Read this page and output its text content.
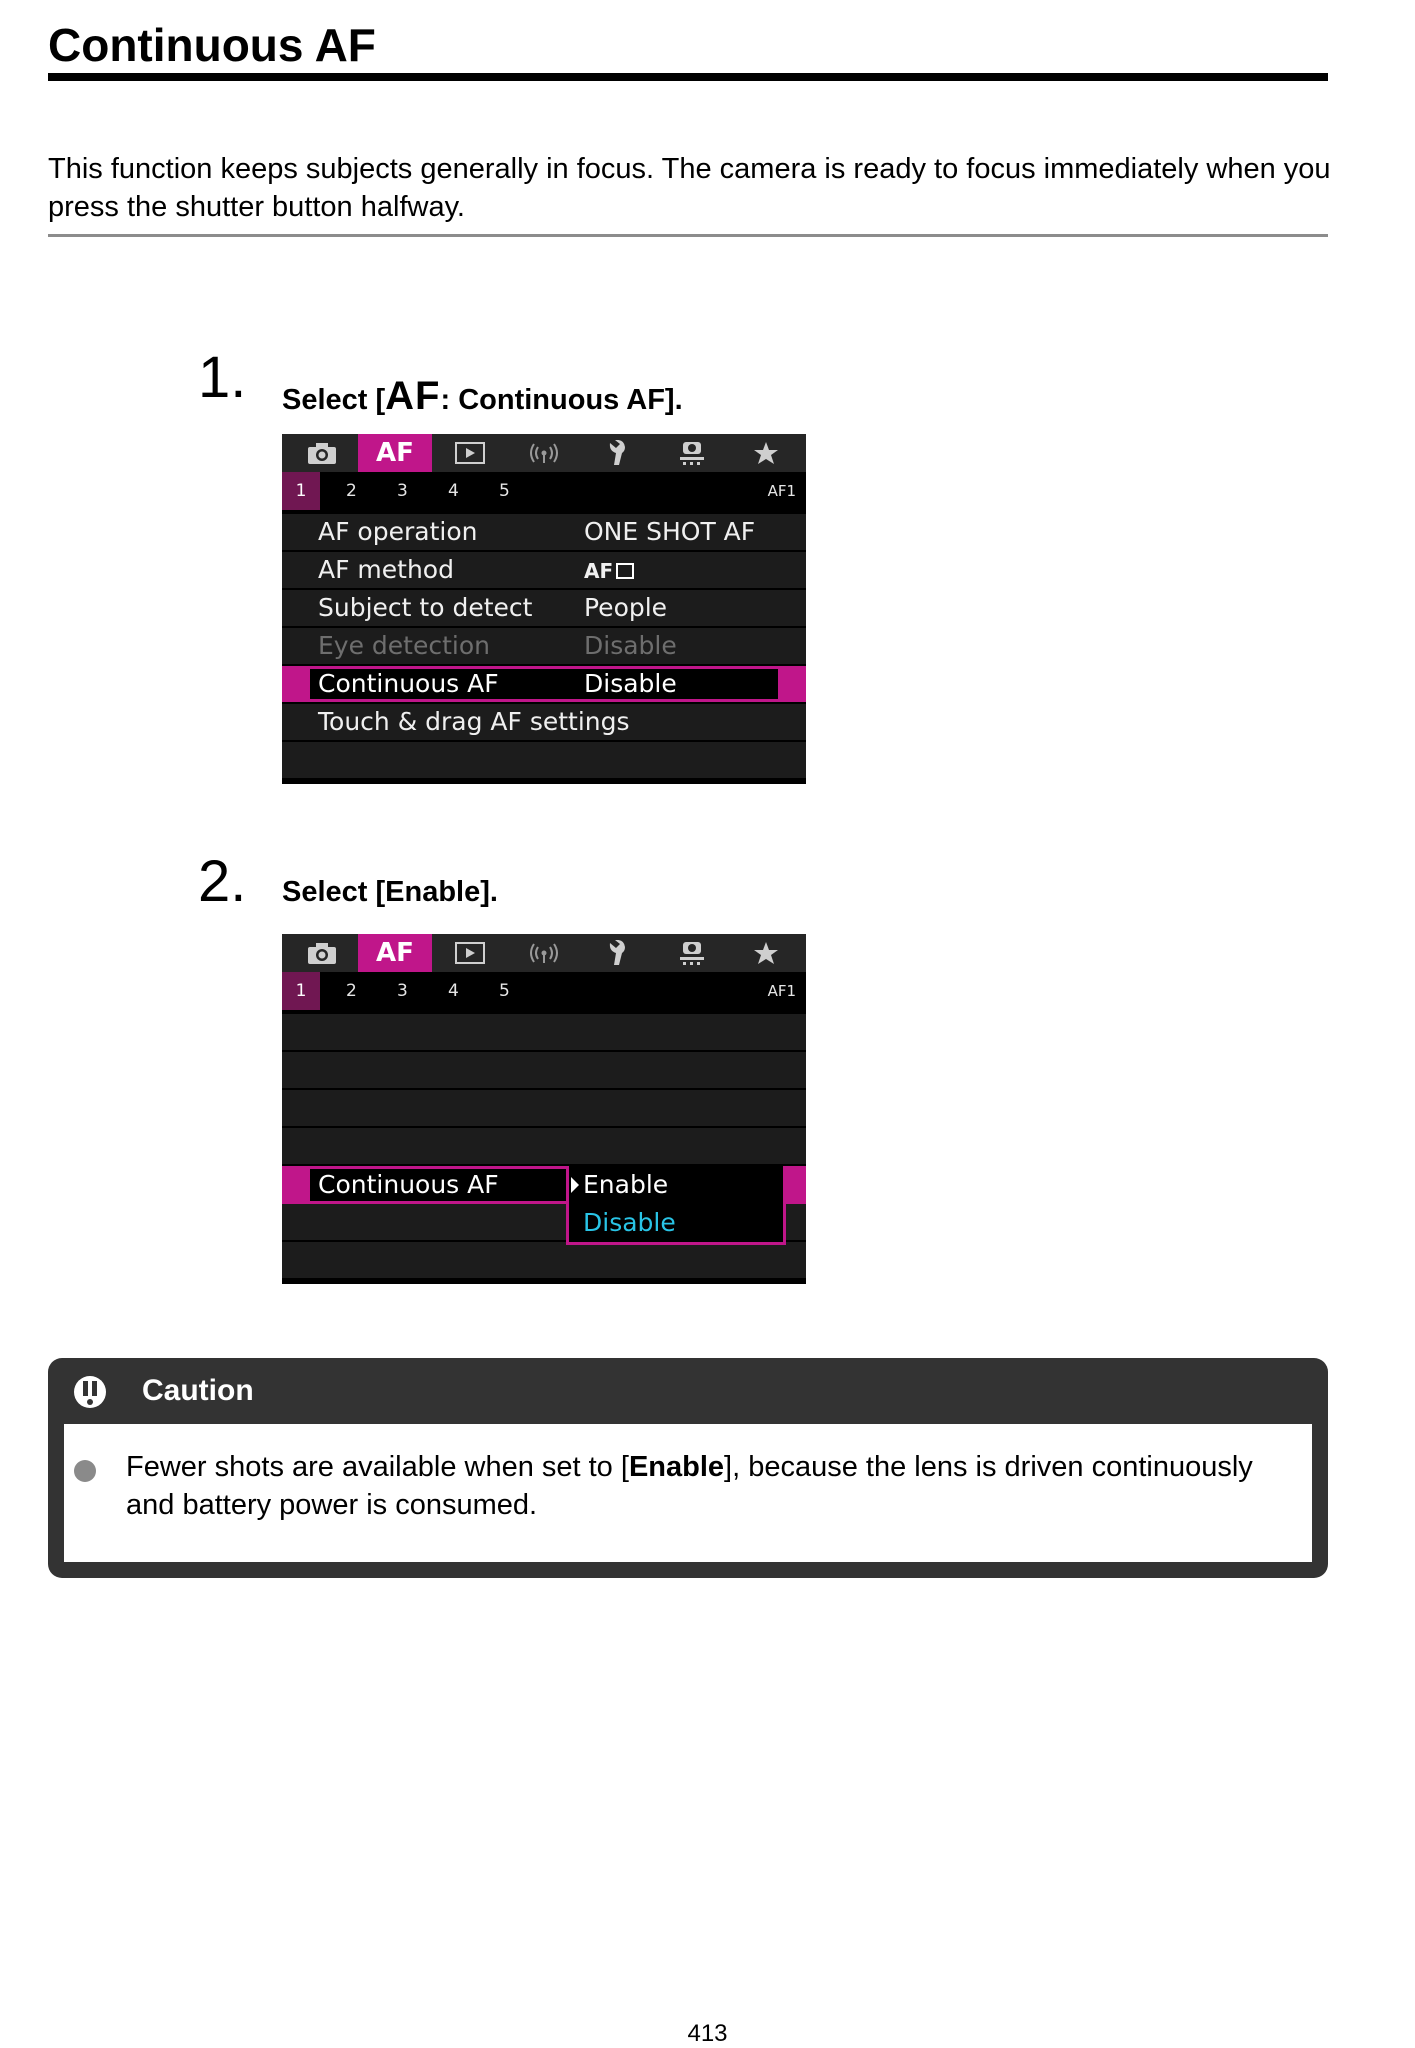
Continuous AF

This function keeps subjects generally in focus. The camera is ready to focus immediately when you press the shutter button halfway.

1. Select [AF: Continuous AF].
AF
1	2 3 4 5	AF1
AF operation	ONE SHOT AF
AF method	AF
Subject to detect People
Eye detection	Disable
Continuous AF	Disable
Touch & drag AF settings
2. Select [Enable].
AF
1	2 3 4 5	AF1
Continuous AF	Enable
Disable
Caution
Fewer shots are available when set to [Enable], because the lens is driven continuously and battery power is consumed.
413
